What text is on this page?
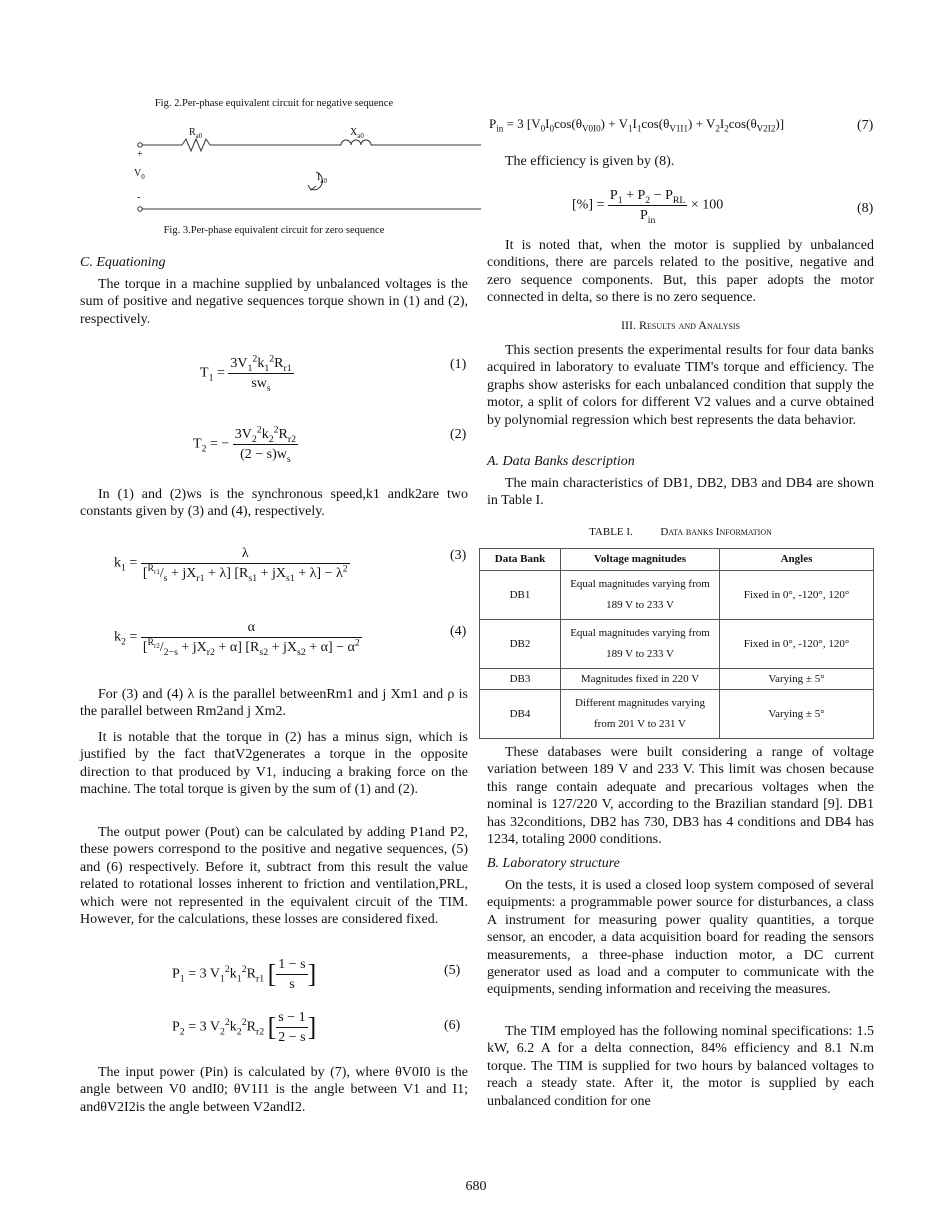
Fig. 2.Per-phase equivalent circuit for negative sequence
$R_{a0}$	$X_{a0}$
+
$V_0$
-
$I_{a0}$
Fig. 3.Per-phase equivalent circuit for zero sequence
C. Equationing

The torque in a machine supplied by unbalanced voltages is the sum of positive and negative sequences torque shown in (1) and (2), respectively.

$T_1 = \frac{3V_1^2k_1^2R_{r1}}{sw_s}$	(1)
$T_2$ = − $\frac{3V_2^2k_2^2R_{r2}}{(2 - s)w_s}$	(2)

In (1) and (2)ws is the synchronous speed,k1 andk2are two constants given by (3) and (4), respectively.

$k_1 = \frac{\lambda}{[^{R_{r1}}/_s + jX_{r1} + \lambda] [R_{s1} + jX_{s1} + \lambda] - \lambda^2}$	(3)
$k_2 = \frac{\alpha}{[^{R_{r2}}/_{2-s} + jX_{r2} + \alpha] [R_{s2} + jX_{s2} + \alpha] - \alpha^2}$	(4)

For (3) and (4) λ is the parallel betweenRm1 and j Xm1 and ρ is the parallel between Rm2and j Xm2.

It is notable that the torque in (2) has a minus sign, which is justified by the fact thatV2generates a torque in the opposite direction to that produced by V1, inducing a braking force on the machine. The total torque is given by the sum of (1) and (2).

The output power (Pout) can be calculated by adding P1and P2, these powers correspond to the positive and negative sequences, (5) and (6) respectively. Before it, subtract from this result the value related to rotational losses inherent to friction and ventilation,PRL, which were not represented in the equivalent circuit of the TIM. However, for the calculations, these losses are considered fixed.

$P_1 = 3$ $V_1^2k_1^2R_{r1}$ [ $\frac{1 - s}{s}$ ]	(5)
$P_2 = 3$ $V_2^2k_2^2R_{r2}$ [ $\frac{s - 1}{2 - s}$ ]	(6)

The input power (Pin) is calculated by (7), where θV0I0 is the angle between V0 andI0; θV1I1 is the angle between V1 and I1; andθV2I2is the angle between V2andI2.

$P_{in} = 3$ $[V_0I_0\cos(\theta_{V0I0}) + V_1I_1\cos(\theta_{V1I1}) + V_2I_2\cos(\theta_{V2I2})]$	(7)

The efficiency is given by (8).

[%] = $\frac{P_1 + P_2 - P_{RL}}{P_{in}} \times 100$	(8)

It is noted that, when the motor is supplied by unbalanced conditions, there are parcels related to the positive, negative and zero sequence components. But, this paper adopts the motor connected in delta, so there is no zero sequence.

III. Results and Analysis

This section presents the experimental results for four data banks acquired in laboratory to evaluate TIM's torque and efficiency. The graphs show asterisks for each unbalanced condition that supply the motor, a split of colors for different V2 values and a curve obtained by polynomial regression which best represents the data behavior.

A. Data Banks description

The main characteristics of DB1, DB2, DB3 and DB4 are shown in Table I.

TABLE I.          Data banks Information
Data Bank	Voltage magnitudes	Angles
DB1	Equal magnitudes varying from 189 V to 233 V	Fixed in 0°, -120°, 120°
DB2	Equal magnitudes varying from 189 V to 233 V	Fixed in 0°, -120°, 120°
DB3	Magnitudes fixed in 220 V	Varying ± 5°
DB4	Different magnitudes varying from 201 V to 231 V	Varying ± 5°

These databases were built considering a range of voltage variation between 189 V and 233 V. This limit was chosen because this range contain adequate and precarious voltages when the nominal is 127/220 V, according to the Brazilian standard [9]. DB1 has 32conditions, DB2 has 730, DB3 has 4 conditions and DB4 has 1234, totaling 2000 conditions.

B. Laboratory structure

On the tests, it is used a closed loop system composed of several equipments: a programmable power source for disturbances, a class A instrument for measuring power quality quantities, a torque sensor, an encoder, a data acquisition board for reading the sensors measurements, a three-phase induction motor, a DC current generator used as load and a computer to communicate with the equipments, sending information and receiving the measures.

The TIM employed has the following nominal specifications: 1.5 kW, 6.2 A for a delta connection, 84% efficiency and 8.1 N.m torque. The TIM is supplied for two hours by balanced voltages to reach a steady state. After it, the motor is supplied by each unbalanced condition for one

680
